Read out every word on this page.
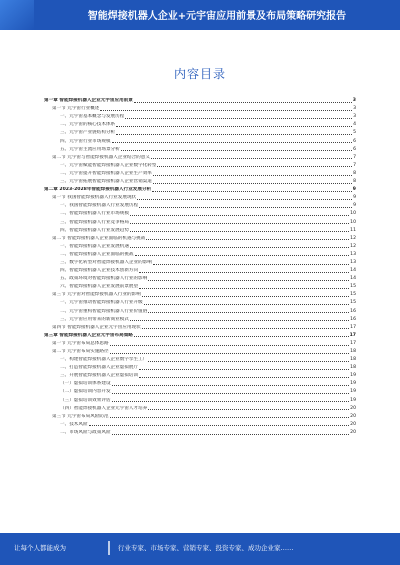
智能焊接机器人企业+元宇宙应用前景及布局策略研究报告
内容目录
第一章 智能焊接机器人企业元宇宙应用前景	3
第一节 元宇宙行业概述	3
一、元宇宙基本概念与发展历程	3
二、元宇宙的核心技术体系	4
三、元宇宙产业链结构分析	5
四、元宇宙行业市场规模	6
五、元宇宙主流应用场景分析	6
第二节 元宇宙与智能焊接机器人企业结合的意义	7
一、元宇宙赋能智能焊接机器人企业数字化转型	7
二、元宇宙提升智能焊接机器人企业生产效率	8
三、元宇宙拓展智能焊接机器人企业营销渠道	8
第二章 2023-2028年智能焊接机器人行业发展分析	9
第一节 我国智能焊接机器人行业发展现状	9
一、我国智能焊接机器人行业发展历程	9
二、智能焊接机器人行业市场规模	10
三、智能焊接机器人行业竞争格局	10
四、智能焊接机器人行业发展趋势	11
第二节 智能焊接机器人企业面临的机遇与挑战	12
一、智能焊接机器人企业发展机遇	12
二、智能焊接机器人企业面临的挑战	13
三、数字化转型对智能焊接机器人企业的影响	13
四、智能焊接机器人企业技术创新方向	14
五、政策环境对智能焊接机器人行业的影响	14
六、智能焊接机器人企业发展前景展望	15
第三节 元宇宙对智能焊接机器人行业的影响	15
一、元宇宙推动智能焊接机器人行业升级	15
二、元宇宙重构智能焊接机器人行业价值链	16
三、元宇宙应用带来的新商业模式	16
第四节 智能焊接机器人企业元宇宙应用现状	17
第三章 智能焊接机器人企业元宇宙布局策略	17
第一节 元宇宙布局总体思路	17
第二节 元宇宙布局实施路径	18
一、构建智能焊接机器人企业数字孪生工厂	18
二、打造智能焊接机器人企业虚拟展厅	18
三、开展智能焊接机器人企业虚拟培训	19
（一）虚拟培训体系建设	19
（二）虚拟培训内容开发	19
（三）虚拟培训效果评估	19
（四）智能焊接机器人企业元宇宙人才培养	20
第三节 元宇宙布局风险防范	20
一、技术风险	20
二、市场风险与政策风险	20
让每个人都能成为	行业专家、市场专家、营销专家、投资专家、成功企业家……
